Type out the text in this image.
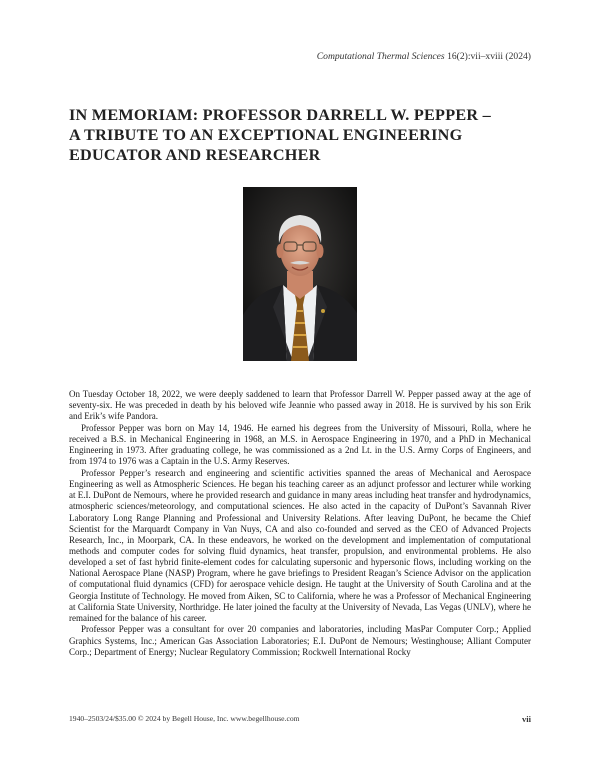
Computational Thermal Sciences 16(2):vii–xviii (2024)
IN MEMORIAM: PROFESSOR DARRELL W. PEPPER –
A TRIBUTE TO AN EXCEPTIONAL ENGINEERING
EDUCATOR AND RESEARCHER

On Tuesday October 18, 2022, we were deeply saddened to learn that Professor Darrell W. Pepper passed away at the age of seventy-six. He was preceded in death by his beloved wife Jeannie who passed away in 2018. He is survived by his son Erik and Erik’s wife Pandora.

Professor Pepper was born on May 14, 1946. He earned his degrees from the University of Missouri, Rolla, where he received a B.S. in Mechanical Engineering in 1968, an M.S. in Aerospace Engineering in 1970, and a PhD in Mechanical Engineering in 1973. After graduating college, he was commissioned as a 2nd Lt. in the U.S. Army Corps of Engineers, and from 1974 to 1976 was a Captain in the U.S. Army Reserves.

Professor Pepper’s research and engineering and scientific activities spanned the areas of Mechanical and Aerospace Engineering as well as Atmospheric Sciences. He began his teaching career as an adjunct professor and lecturer while working at E.I. DuPont de Nemours, where he provided research and guidance in many areas including heat transfer and hydrodynamics, atmospheric sciences/meteorology, and computational sciences. He also acted in the capacity of DuPont’s Savannah River Laboratory Long Range Planning and Professional and University Relations. After leaving DuPont, he became the Chief Scientist for the Marquardt Company in Van Nuys, CA and also co-founded and served as the CEO of Advanced Projects Research, Inc., in Moorpark, CA. In these endeavors, he worked on the development and implementation of computational methods and computer codes for solving fluid dynamics, heat transfer, propulsion, and environmental problems. He also developed a set of fast hybrid finite-element codes for calculating supersonic and hypersonic flows, including working on the National Aerospace Plane (NASP) Program, where he gave briefings to President Reagan’s Science Advisor on the application of computational fluid dynamics (CFD) for aerospace vehicle design. He taught at the University of South Carolina and at the Georgia Institute of Technology. He moved from Aiken, SC to California, where he was a Professor of Mechanical Engineering at California State University, Northridge. He later joined the faculty at the University of Nevada, Las Vegas (UNLV), where he remained for the balance of his career.

Professor Pepper was a consultant for over 20 companies and laboratories, including MasPar Computer Corp.; Applied Graphics Systems, Inc.; American Gas Association Laboratories; E.I. DuPont de Nemours; Westinghouse; Alliant Computer Corp.; Department of Energy; Nuclear Regulatory Commission; Rockwell International Rocky

1940–2503/24/$35.00 © 2024 by Begell House, Inc. www.begellhouse.com	vii
